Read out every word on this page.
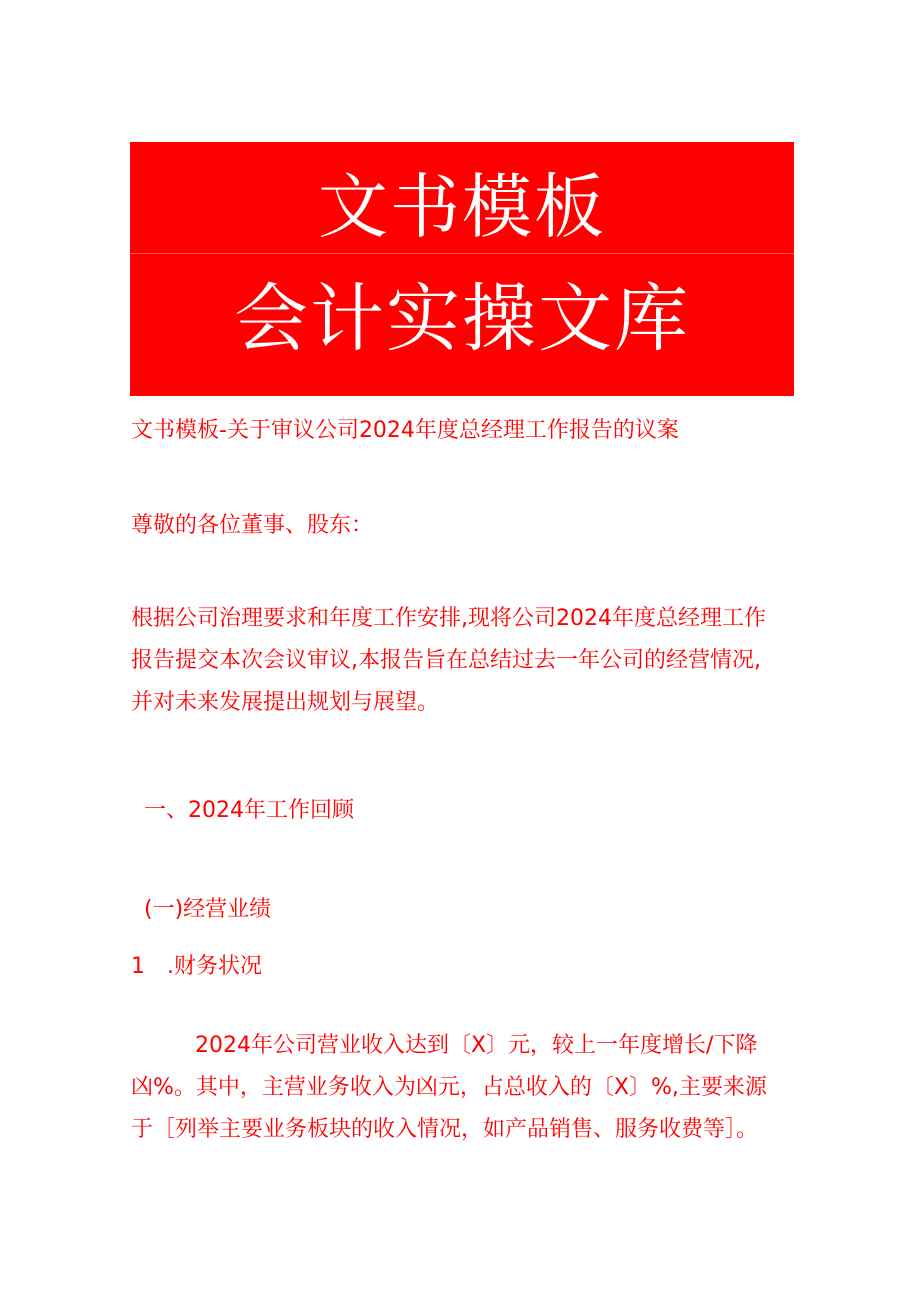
文书模板
会计实操文库
文书模板-关于审议公司2024年度总经理工作报告的议案
尊敬的各位董事、股东：
根据公司治理要求和年度工作安排,现将公司2024年度总经理工作
报告提交本次会议审议,本报告旨在总结过去一年公司的经营情况,
并对未来发展提出规划与展望。
一、2024年工作回顾
(一)经营业绩
1　.财务状况
2024年公司营业收入达到〔X〕元，较上一年度增长/下降
凶%。其中，主营业务收入为凶元，占总收入的〔X〕%,主要来源
于［列举主要业务板块的收入情况，如产品销售、服务收费等］。
